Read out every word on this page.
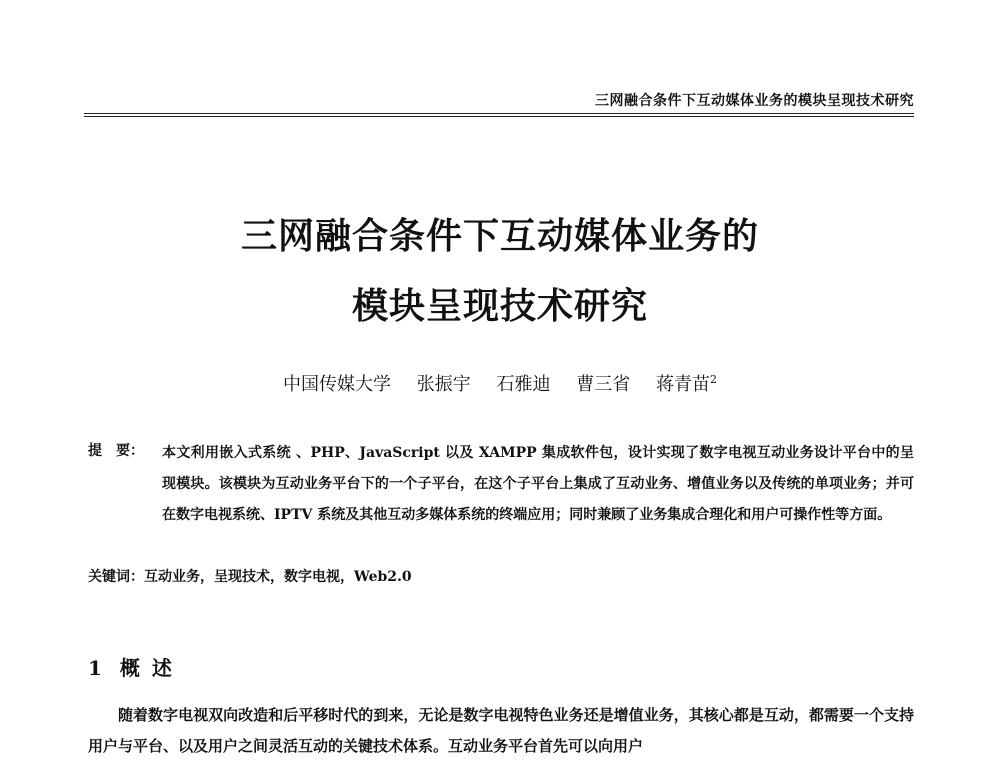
三网融合条件下互动媒体业务的模块呈现技术研究
三网融合条件下互动媒体业务的
模块呈现技术研究
中国传媒大学 张振宇 石雅迪 曹三省 蒋青苗$^2$
提　要： 本文利用嵌入式系统 、PHP、JavaScript 以及 XAMPP 集成软件包，设计实现了数字电视互动业务设计平台中的呈现模块。该模块为互动业务平台下的一个子平台，在这个子平台上集成了互动业务、增值业务以及传统的单项业务；并可在数字电视系统、IPTV 系统及其他互动多媒体系统的终端应用；同时兼顾了业务集成合理化和用户可操作性等方面。
关键词：互动业务，呈现技术，数字电视，Web2.0
1 概述
随着数字电视双向改造和后平移时代的到来，无论是数字电视特色业务还是增值业务，其核心都是互动，都需要一个支持用户与平台、以及用户之间灵活互动的关键技术体系。互动业务平台首先可以向用户
